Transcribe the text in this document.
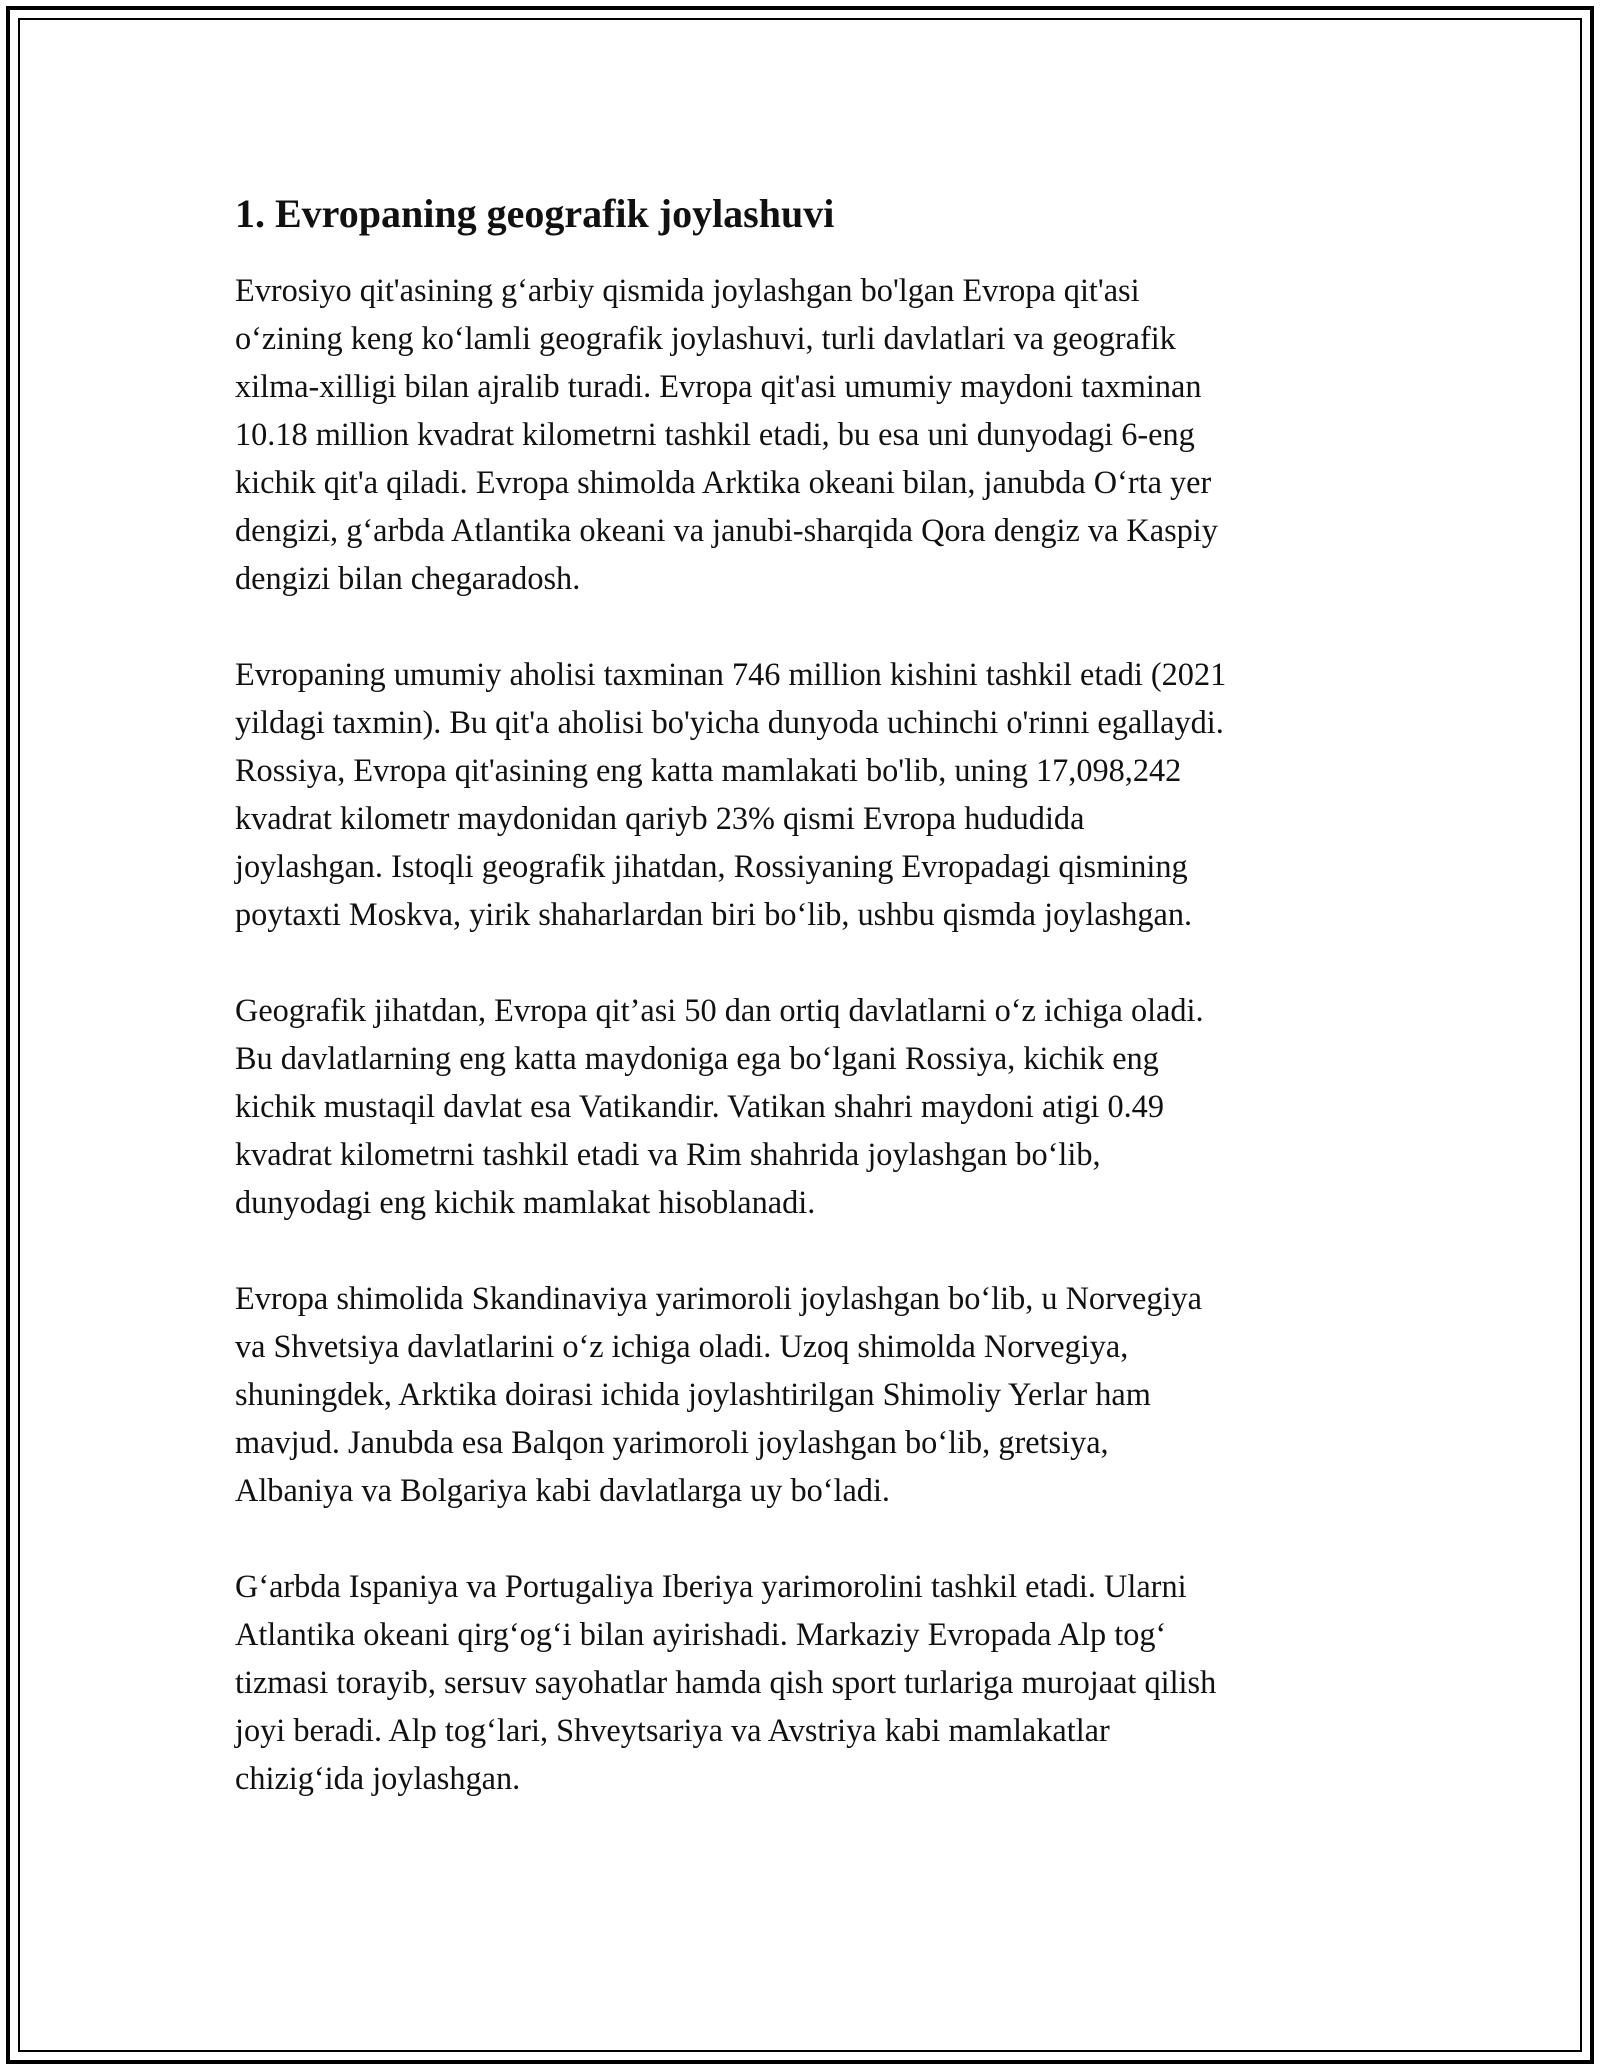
1. Evropaning geografik joylashuvi

Evrosiyo qit'asining g‘arbiy qismida joylashgan bo'lgan Evropa qit'asi
o‘zining keng ko‘lamli geografik joylashuvi, turli davlatlari va geografik
xilma-xilligi bilan ajralib turadi. Evropa qit'asi umumiy maydoni taxminan
10.18 million kvadrat kilometrni tashkil etadi, bu esa uni dunyodagi 6-eng
kichik qit'a qiladi. Evropa shimolda Arktika okeani bilan, janubda O‘rta yer
dengizi, g‘arbda Atlantika okeani va janubi-sharqida Qora dengiz va Kaspiy
dengizi bilan chegaradosh.

Evropaning umumiy aholisi taxminan 746 million kishini tashkil etadi (2021
yildagi taxmin). Bu qit'a aholisi bo'yicha dunyoda uchinchi o'rinni egallaydi.
Rossiya, Evropa qit'asining eng katta mamlakati bo'lib, uning 17,098,242
kvadrat kilometr maydonidan qariyb 23% qismi Evropa hududida
joylashgan. Istoqli geografik jihatdan, Rossiyaning Evropadagi qismining
poytaxti Moskva, yirik shaharlardan biri bo‘lib, ushbu qismda joylashgan.

Geografik jihatdan, Evropa qit’asi 50 dan ortiq davlatlarni o‘z ichiga oladi.
Bu davlatlarning eng katta maydoniga ega bo‘lgani Rossiya, kichik eng
kichik mustaqil davlat esa Vatikandir. Vatikan shahri maydoni atigi 0.49
kvadrat kilometrni tashkil etadi va Rim shahrida joylashgan bo‘lib,
dunyodagi eng kichik mamlakat hisoblanadi.

Evropa shimolida Skandinaviya yarimoroli joylashgan bo‘lib, u Norvegiya
va Shvetsiya davlatlarini o‘z ichiga oladi. Uzoq shimolda Norvegiya,
shuningdek, Arktika doirasi ichida joylashtirilgan Shimoliy Yerlar ham
mavjud. Janubda esa Balqon yarimoroli joylashgan bo‘lib, gretsiya,
Albaniya va Bolgariya kabi davlatlarga uy bo‘ladi.

G‘arbda Ispaniya va Portugaliya Iberiya yarimorolini tashkil etadi. Ularni
Atlantika okeani qirg‘og‘i bilan ayirishadi. Markaziy Evropada Alp tog‘
tizmasi torayib, sersuv sayohatlar hamda qish sport turlariga murojaat qilish
joyi beradi. Alp tog‘lari, Shveytsariya va Avstriya kabi mamlakatlar
chizig‘ida joylashgan.
